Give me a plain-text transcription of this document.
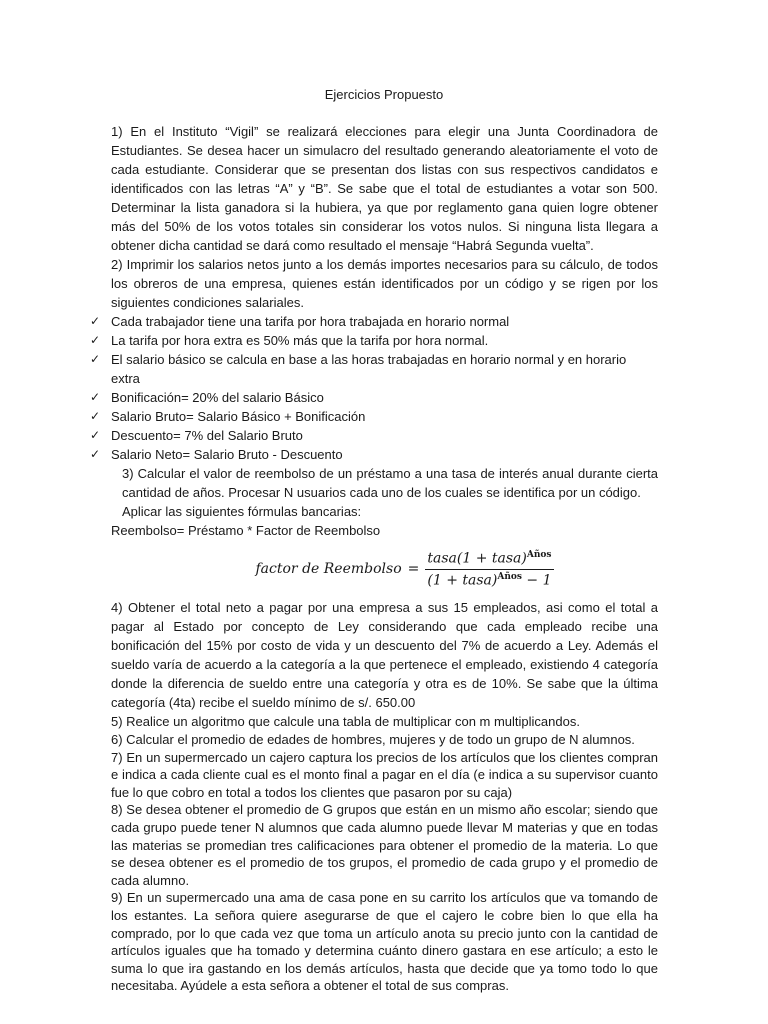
Ejercicios Propuesto

1) En el Instituto “Vigil” se realizará elecciones para elegir una Junta Coordinadora de Estudiantes. Se desea hacer un simulacro del resultado generando aleatoriamente el voto de cada estudiante. Considerar que se presentan dos listas con sus respectivos candidatos e identificados con las letras “A” y “B”. Se sabe que el total de estudiantes a votar son 500. Determinar la lista ganadora si la hubiera, ya que por reglamento gana quien logre obtener más del 50% de los votos totales sin considerar los votos nulos. Si ninguna lista llegara a obtener dicha cantidad se dará como resultado el mensaje “Habrá Segunda vuelta”.

2) Imprimir los salarios netos junto a los demás importes necesarios para su cálculo, de todos los obreros de una empresa, quienes están identificados por un código y se rigen por los siguientes condiciones salariales.

✓ Cada trabajador tiene una tarifa por hora trabajada en horario normal
✓ La tarifa por hora extra es 50% más que la tarifa por hora normal.
✓ El salario básico se calcula en base a las horas trabajadas en horario normal y en horario extra
✓ Bonificación= 20% del salario Básico
✓ Salario Bruto= Salario Básico + Bonificación
✓ Descuento= 7% del Salario Bruto
✓ Salario Neto= Salario Bruto - Descuento

3) Calcular el valor de reembolso de un préstamo a una tasa de interés anual durante cierta cantidad de años. Procesar N usuarios cada uno de los cuales se identifica por un código.

Aplicar las siguientes fórmulas bancarias:
Reembolso= Préstamo * Factor de Reembolso
factor de Reembolso = $\frac{tasa(1 + tasa)^{Años}}{(1 + tasa)^{Años} - 1}$

4) Obtener el total neto a pagar por una empresa a sus 15 empleados, asi como el total a pagar al Estado por concepto de Ley considerando que cada empleado recibe una bonificación del 15% por costo de vida y un descuento del 7% de acuerdo a Ley. Además el sueldo varía de acuerdo a la categoría a la que pertenece el empleado, existiendo 4 categoría donde la diferencia de sueldo entre una categoría y otra es de 10%. Se sabe que la última categoría (4ta) recibe el sueldo mínimo de s/. 650.00

5) Realice un algoritmo que calcule una tabla de multiplicar con m multiplicandos.

6) Calcular el promedio de edades de hombres, mujeres y de todo un grupo de N alumnos.

7) En un supermercado un cajero captura los precios de los artículos que los clientes compran e indica a cada cliente cual es el monto final a pagar en el día (e indica a su supervisor cuanto fue lo que cobro en total a todos los clientes que pasaron por su caja)

8) Se desea obtener el promedio de G grupos que están en un mismo año escolar; siendo que cada grupo puede tener N alumnos que cada alumno puede llevar M materias y que en todas las materias se promedian tres calificaciones para obtener el promedio de la materia. Lo que se desea obtener es el promedio de tos grupos, el promedio de cada grupo y el promedio de cada alumno.

9) En un supermercado una ama de casa pone en su carrito los artículos que va tomando de los estantes. La señora quiere asegurarse de que el cajero le cobre bien lo que ella ha comprado, por lo que cada vez que toma un artículo anota su precio junto con la cantidad de artículos iguales que ha tomado y determina cuánto dinero gastara en ese artículo; a esto le suma lo que ira gastando en los demás artículos, hasta que decide que ya tomo todo lo que necesitaba. Ayúdele a esta señora a obtener el total de sus compras.
